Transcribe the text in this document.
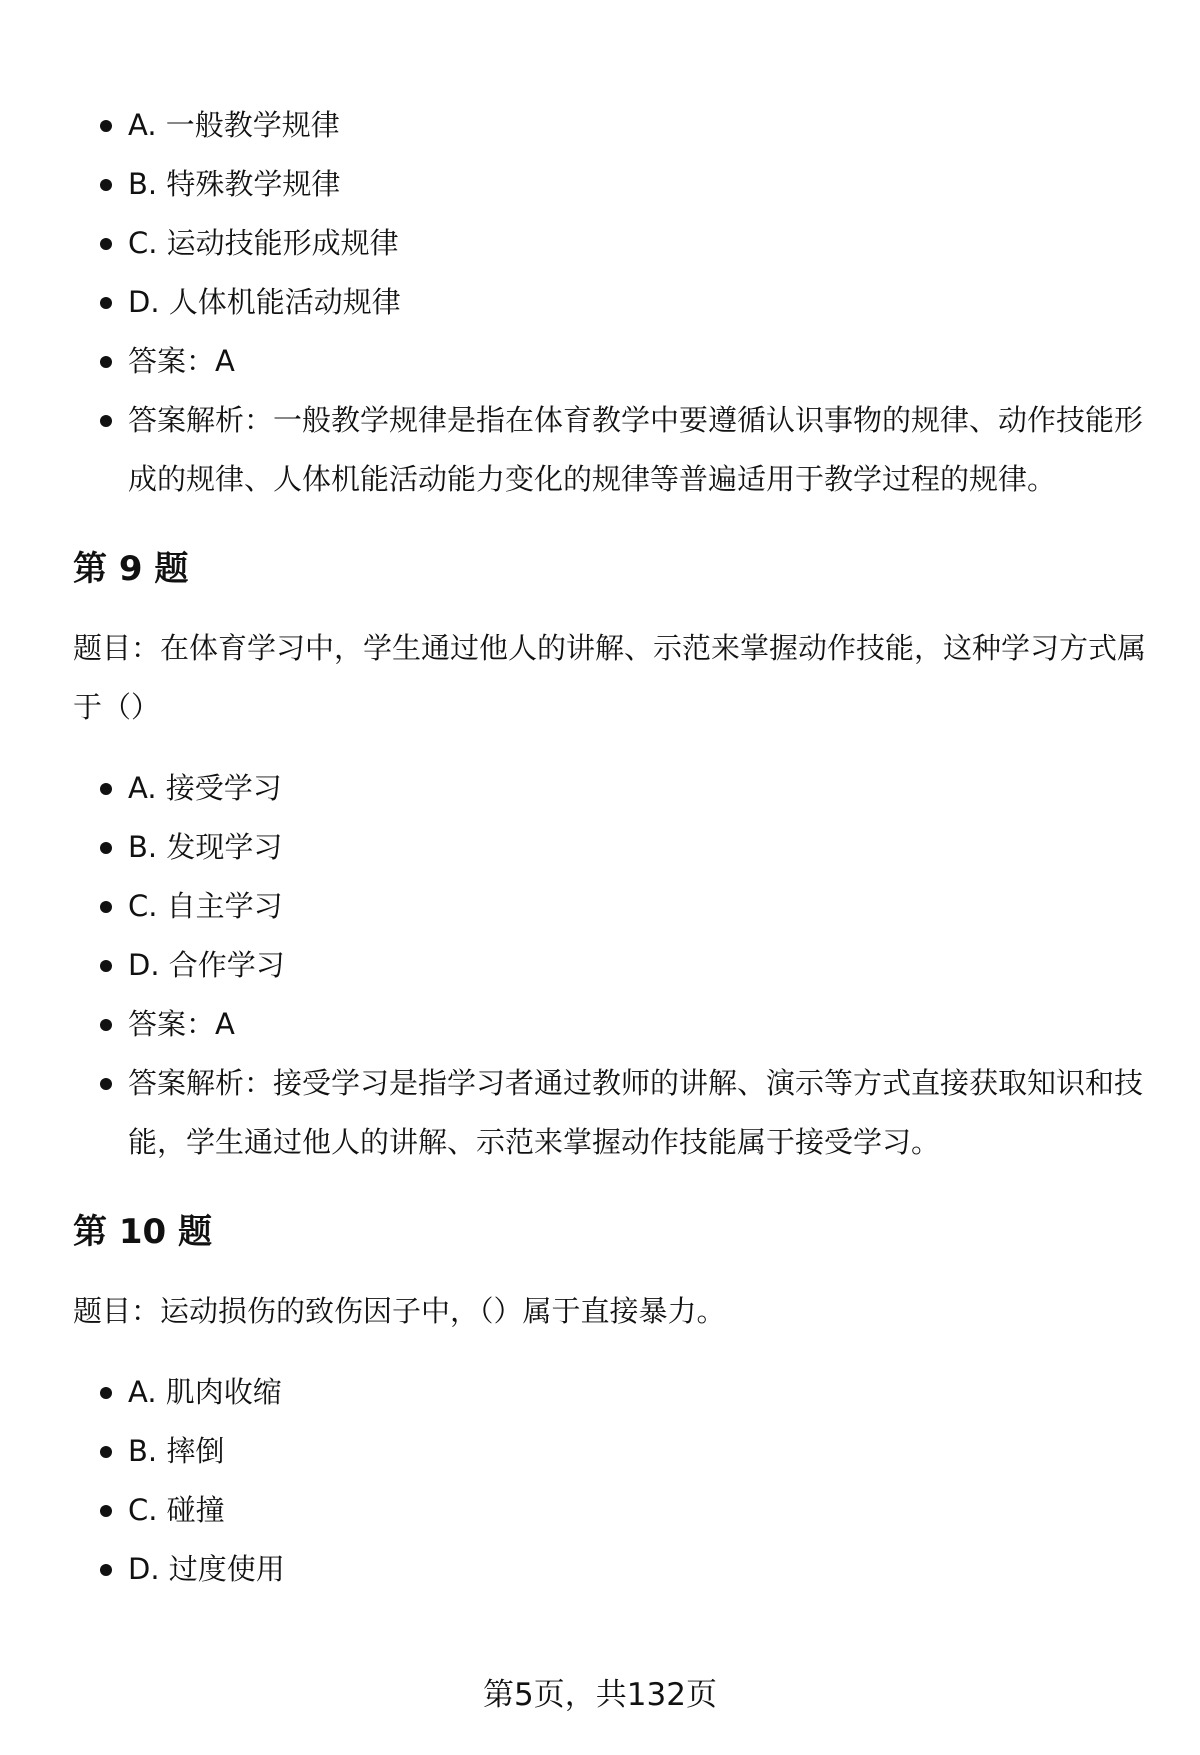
A. 一般教学规律
B. 特殊教学规律
C. 运动技能形成规律
D. 人体机能活动规律
答案：A
答案解析：一般教学规律是指在体育教学中要遵循认识事物的规律、动作技能形成的规律、人体机能活动能力变化的规律等普遍适用于教学过程的规律。
第 9 题

题目：在体育学习中，学生通过他人的讲解、示范来掌握动作技能，这种学习方式属于（）

A. 接受学习
B. 发现学习
C. 自主学习
D. 合作学习
答案：A
答案解析：接受学习是指学习者通过教师的讲解、演示等方式直接获取知识和技能，学生通过他人的讲解、示范来掌握动作技能属于接受学习。
第 10 题

题目：运动损伤的致伤因子中，（）属于直接暴力。

A. 肌肉收缩
B. 摔倒
C. 碰撞
D. 过度使用
第5页，共132页
